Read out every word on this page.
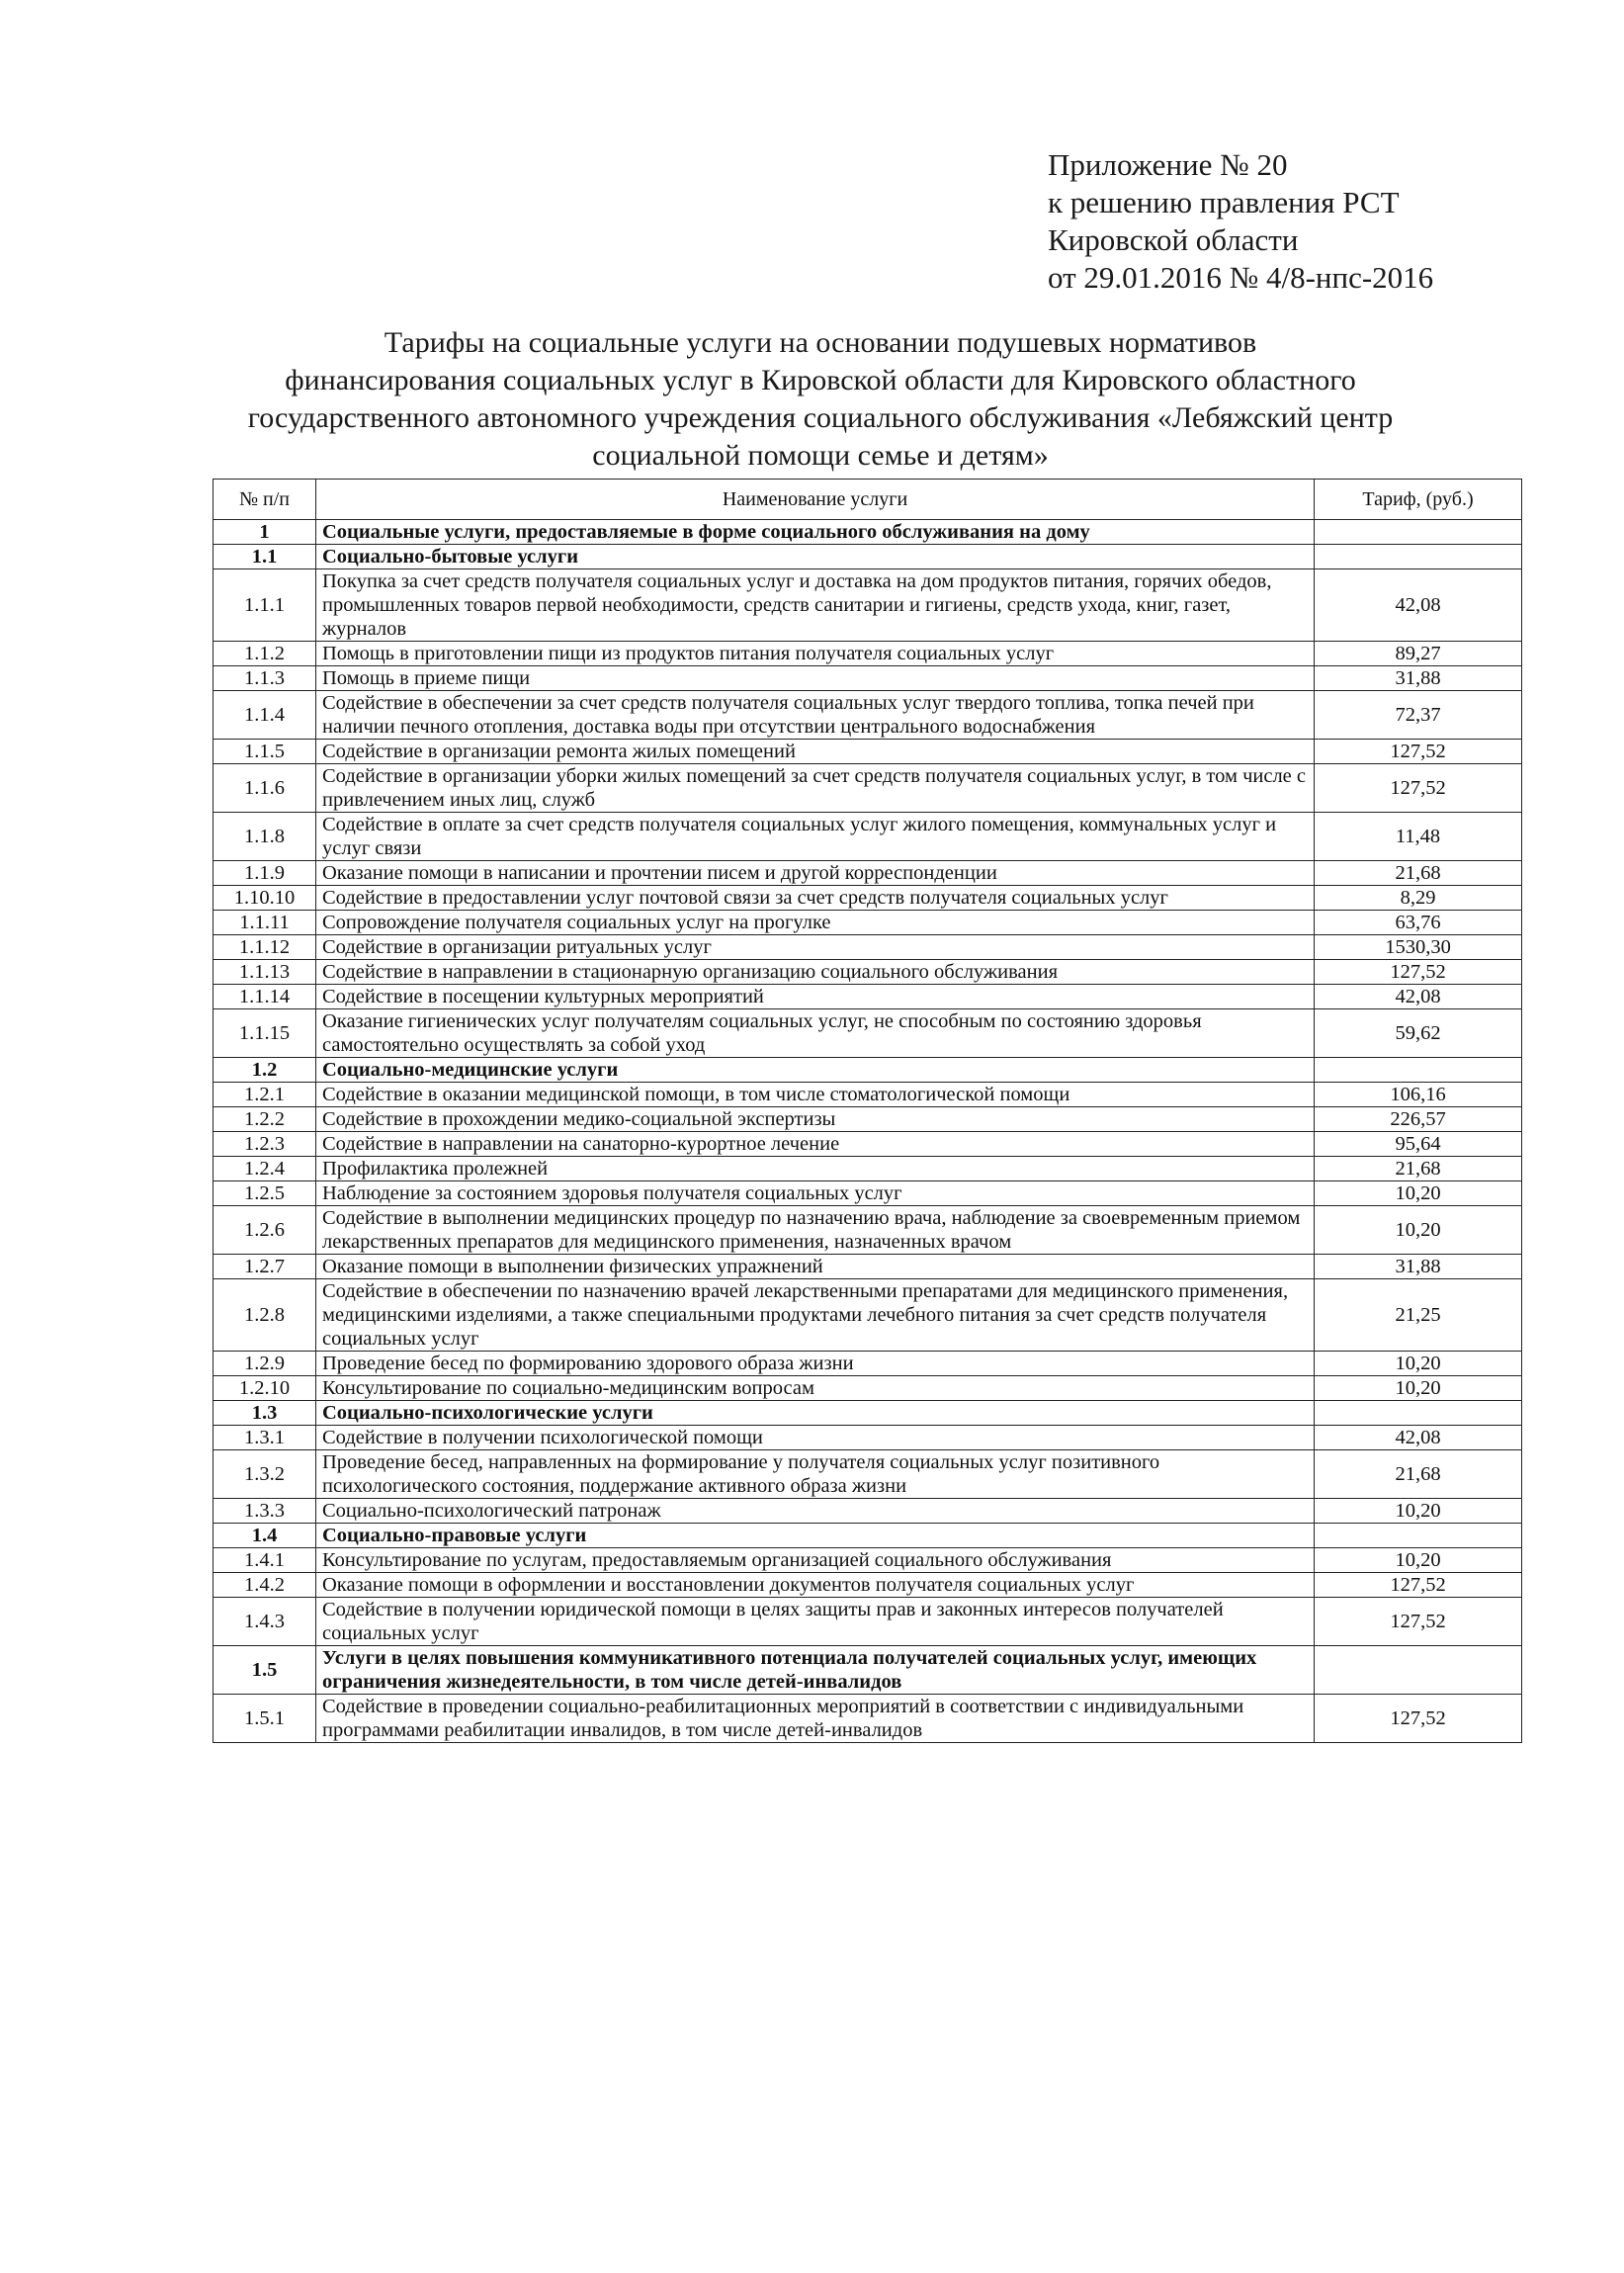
Приложение № 20
к решению правления РСТ
Кировской области
от 29.01.2016 № 4/8-нпс-2016
Тарифы на социальные услуги на основании подушевых нормативов
финансирования социальных услуг в Кировской области для Кировского областного
государственного автономного учреждения социального обслуживания «Лебяжский центр
социальной помощи семье и детям»
№ п/п	Наименование услуги	Тариф, (руб.)
1	Социальные услуги, предоставляемые в форме социального обслуживания на дому	
1.1	Социально-бытовые услуги	
1.1.1	Покупка за счет средств получателя социальных услуг и доставка на дом продуктов питания, горячих обедов, промышленных товаров первой необходимости, средств санитарии и гигиены, средств ухода, книг, газет, журналов	42,08
1.1.2	Помощь в приготовлении пищи из продуктов питания получателя социальных услуг	89,27
1.1.3	Помощь в приеме пищи	31,88
1.1.4	Содействие в обеспечении за счет средств получателя социальных услуг твердого топлива, топка печей при наличии печного отопления, доставка воды при отсутствии центрального водоснабжения	72,37
1.1.5	Содействие в организации ремонта жилых помещений	127,52
1.1.6	Содействие в организации уборки жилых помещений за счет средств получателя социальных услуг, в том числе с привлечением иных лиц, служб	127,52
1.1.8	Содействие в оплате за счет средств получателя социальных услуг жилого помещения, коммунальных услуг и услуг связи	11,48
1.1.9	Оказание помощи в написании и прочтении писем и другой корреспонденции	21,68
1.10.10	Содействие в предоставлении услуг почтовой связи за счет средств получателя социальных услуг	8,29
1.1.11	Сопровождение получателя социальных услуг на прогулке	63,76
1.1.12	Содействие в организации ритуальных услуг	1530,30
1.1.13	Содействие в направлении в стационарную организацию социального обслуживания	127,52
1.1.14	Содействие в посещении культурных мероприятий	42,08
1.1.15	Оказание гигиенических услуг получателям социальных услуг, не способным по состоянию здоровья самостоятельно осуществлять за собой уход	59,62
1.2	Социально-медицинские услуги	
1.2.1	Содействие в оказании медицинской помощи, в том числе стоматологической помощи	106,16
1.2.2	Содействие в прохождении медико-социальной экспертизы	226,57
1.2.3	Содействие в направлении на санаторно-курортное лечение	95,64
1.2.4	Профилактика пролежней	21,68
1.2.5	Наблюдение за состоянием здоровья получателя социальных услуг	10,20
1.2.6	Содействие в выполнении медицинских процедур по назначению врача, наблюдение за своевременным приемом лекарственных препаратов для медицинского применения, назначенных врачом	10,20
1.2.7	Оказание помощи в выполнении физических упражнений	31,88
1.2.8	Содействие в обеспечении по назначению врачей лекарственными препаратами для медицинского применения, медицинскими изделиями, а также специальными продуктами лечебного питания за счет средств получателя социальных услуг	21,25
1.2.9	Проведение бесед по формированию здорового образа жизни	10,20
1.2.10	Консультирование по социально-медицинским вопросам	10,20
1.3	Социально-психологические услуги	
1.3.1	Содействие в получении психологической помощи	42,08
1.3.2	Проведение бесед, направленных на формирование у получателя социальных услуг позитивного психологического состояния, поддержание активного образа жизни	21,68
1.3.3	Социально-психологический патронаж	10,20
1.4	Социально-правовые услуги	
1.4.1	Консультирование по услугам, предоставляемым организацией социального обслуживания	10,20
1.4.2	Оказание помощи в оформлении и восстановлении документов получателя социальных услуг	127,52
1.4.3	Содействие в получении юридической помощи в целях защиты прав и законных интересов получателей социальных услуг	127,52
1.5	Услуги в целях повышения коммуникативного потенциала получателей социальных услуг, имеющих ограничения жизнедеятельности, в том числе детей-инвалидов	
1.5.1	Содействие в проведении социально-реабилитационных мероприятий в соответствии с индивидуальными программами реабилитации инвалидов, в том числе детей-инвалидов	127,52
